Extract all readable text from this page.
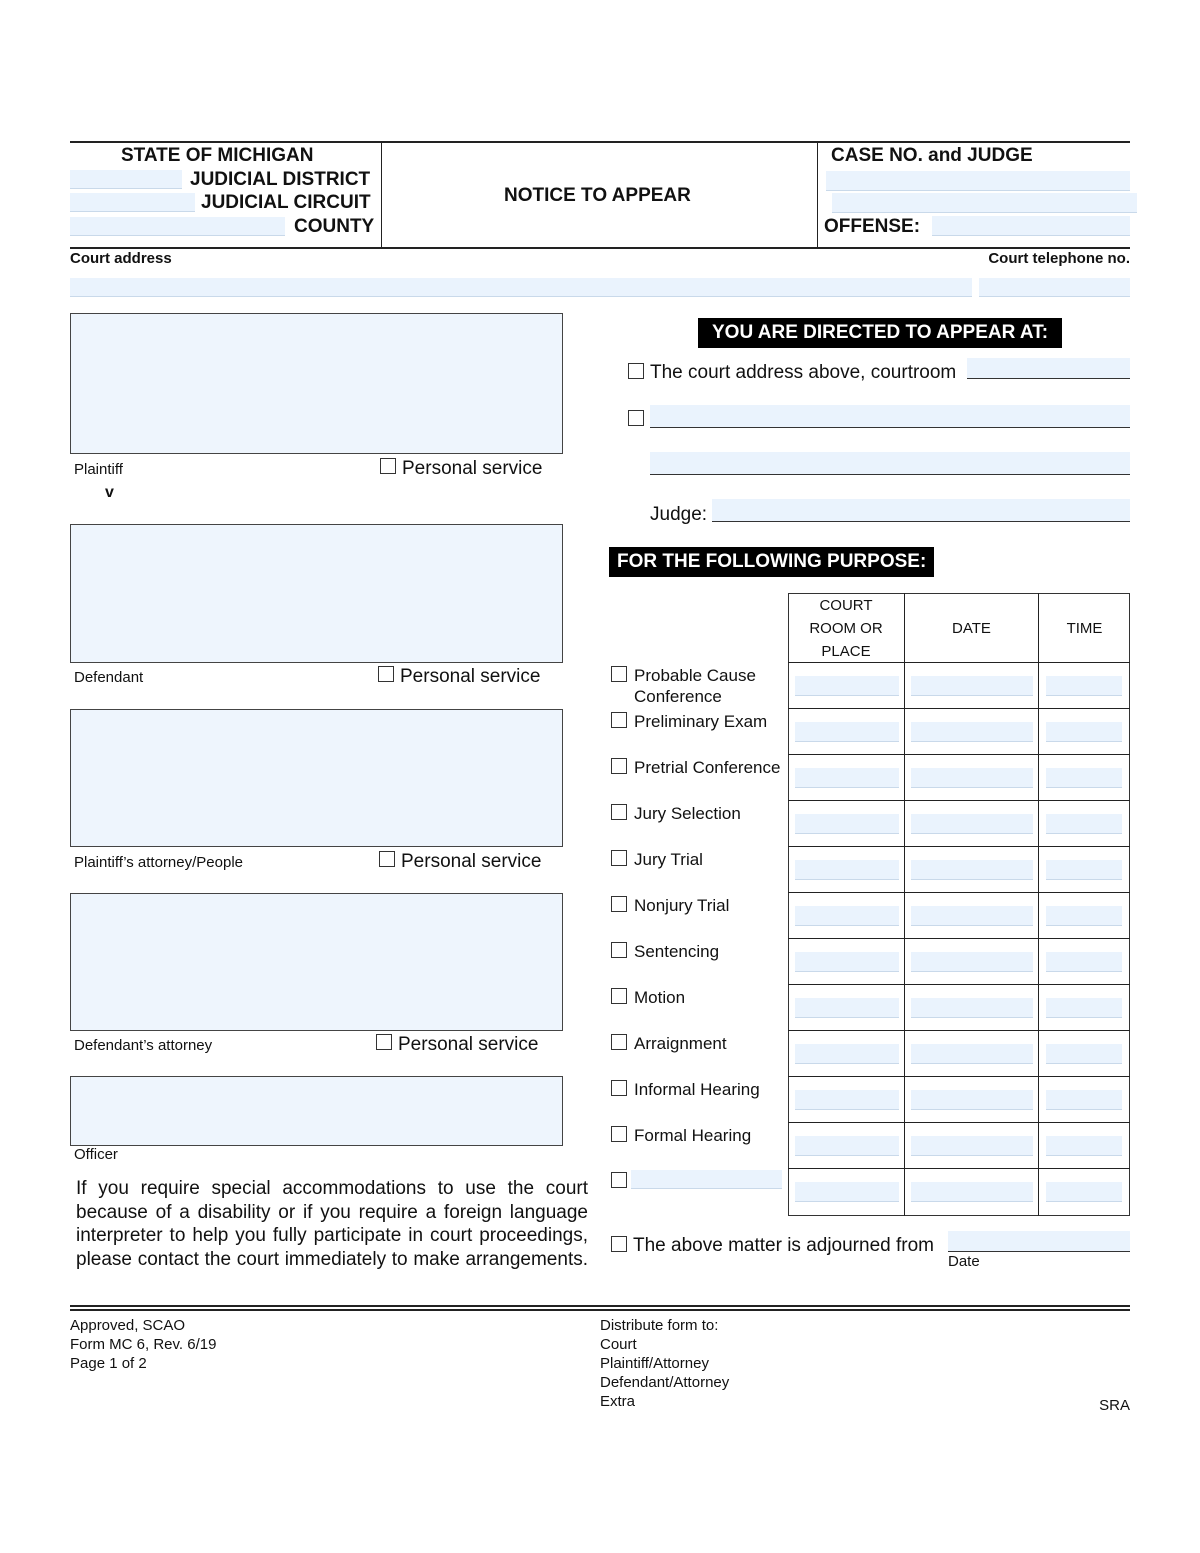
STATE OF MICHIGAN
JUDICIAL DISTRICT
JUDICIAL CIRCUIT
COUNTY
NOTICE TO APPEAR
CASE NO. and JUDGE
OFFENSE:
Court address	Court telephone no.
Plaintiff	Personal service
v
Defendant	Personal service
Plaintiff’s attorney/People	Personal service
Defendant’s attorney	Personal service
Officer
If you require special accommodations to use the court
because of a disability or if you require a foreign language
interpreter to help you fully participate in court proceedings,
please contact the court immediately to make arrangements.
YOU ARE DIRECTED TO APPEAR AT:
The court address above, courtroom
Judge:
FOR THE FOLLOWING PURPOSE:
COURT
ROOM OR
PLACE
DATE	TIME
Probable Cause
Conference
Preliminary Exam
Pretrial Conference
Jury Selection
Jury Trial
Nonjury Trial
Sentencing
Motion
Arraignment
Informal Hearing
Formal Hearing
The above matter is adjourned from
Date
Approved, SCAO
Form MC 6, Rev. 6/19
Page 1 of 2
Distribute form to:
Court
Plaintiff/Attorney
Defendant/Attorney
Extra	SRA
